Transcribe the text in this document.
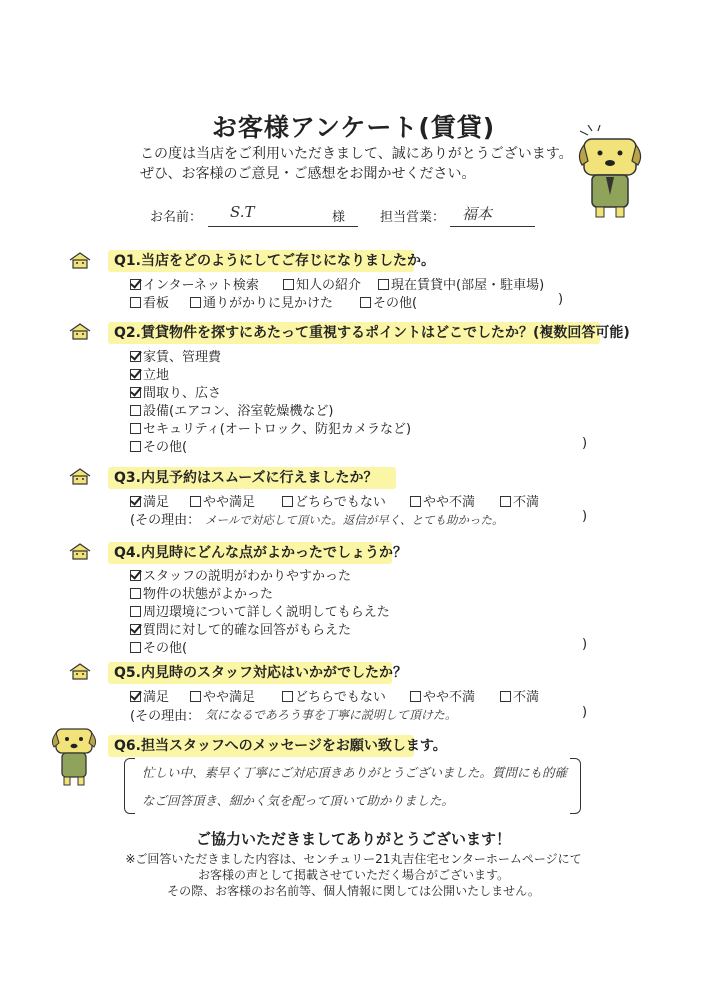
お客様アンケート(賃貸)
この度は当店をご利用いただきまして、誠にありがとうございます。
ぜひ、お客様のご意見・ご感想をお聞かせください。
お名前： S.T	様	担当営業： 福本
Q1.当店をどのようにしてご存じになりましたか。
インターネット検索	知人の紹介	現在賃貸中(部屋・駐車場)
看板	通りがかりに見かけた	その他(	)
Q2.賃貸物件を探すにあたって重視するポイントはどこでしたか？(複数回答可能)
家賃、管理費
立地
間取り、広さ
設備(エアコン、浴室乾燥機など)
セキュリティ(オートロック、防犯カメラなど)
その他(	)
Q3.内見予約はスムーズに行えましたか？
満足	やや満足	どちらでもない	やや不満	不満
(その理由： メールで対応して頂いた。返信が早く、とても助かった。	)
Q4.内見時にどんな点がよかったでしょうか？
スタッフの説明がわかりやすかった
物件の状態がよかった
周辺環境について詳しく説明してもらえた
質問に対して的確な回答がもらえた
その他(	)
Q5.内見時のスタッフ対応はいかがでしたか？
満足	やや満足	どちらでもない	やや不満	不満
(その理由： 気になるであろう事を丁寧に説明して頂けた。	)
Q6.担当スタッフへのメッセージをお願い致します。
忙しい中、素早く丁寧にご対応頂きありがとうございました。質問にも的確
なご回答頂き、細かく気を配って頂いて助かりました。
ご協力いただきましてありがとうございます！
※ご回答いただきました内容は、センチュリー21丸吉住宅センターホームページにて
お客様の声として掲載させていただく場合がございます。
その際、お客様のお名前等、個人情報に関しては公開いたしません。
